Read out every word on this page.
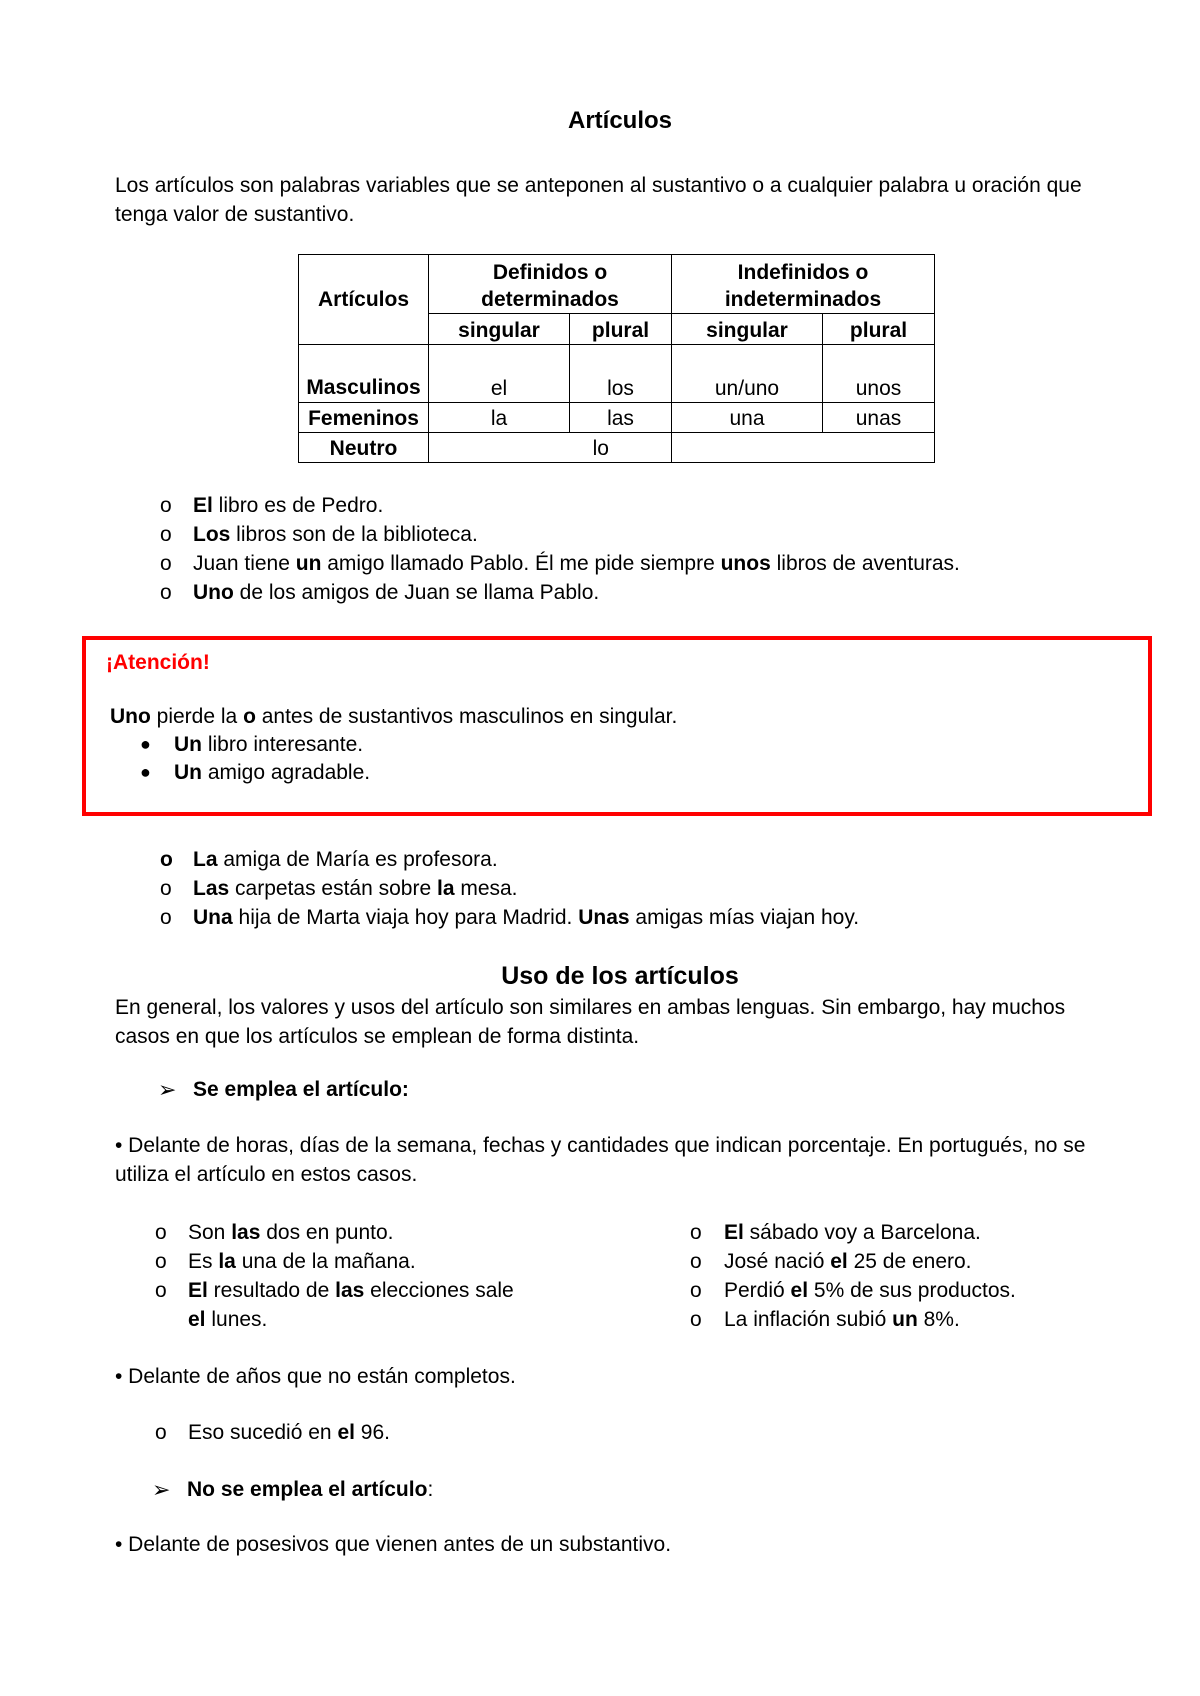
Artículos
Los artículos son palabras variables que se anteponen al sustantivo o a cualquier palabra u oración que tenga valor de sustantivo.
Artículos	Definidos o determinados		Indefinidos o indeterminados	
	singular	plural	singular	plural
Masculinos	el	los	un/uno	unos
Femeninos	la	las	una	unas
Neutro	lo			
o	El libro es de Pedro.
o	Los libros son de la biblioteca.
o	Juan tiene un amigo llamado Pablo. Él me pide siempre unos libros de aventuras.
o	Uno de los amigos de Juan se llama Pablo.
¡Atención!
Uno pierde la o antes de sustantivos masculinos en singular.
● Un libro interesante.
● Un amigo agradable.
o La amiga de María es profesora.
o	Las carpetas están sobre la mesa.
o	Una hija de Marta viaja hoy para Madrid. Unas amigas mías viajan hoy.
Uso de los artículos
En general, los valores y usos del artículo son similares en ambas lenguas. Sin embargo, hay muchos casos en que los artículos se emplean de forma distinta.
➢ Se emplea el artículo:
• Delante de horas, días de la semana, fechas y cantidades que indican porcentaje. En portugués, no se utiliza el artículo en estos casos.
o Son las dos en punto.
o Es la una de la mañana.
o El resultado de las elecciones sale
el lunes.
o El sábado voy a Barcelona.
o José nació el 25 de enero.
o Perdió el 5% de sus productos.
o La inflación subió un 8%.
• Delante de años que no están completos.
o Eso sucedió en el 96.
➢ No se emplea el artículo:
• Delante de posesivos que vienen antes de un substantivo.
